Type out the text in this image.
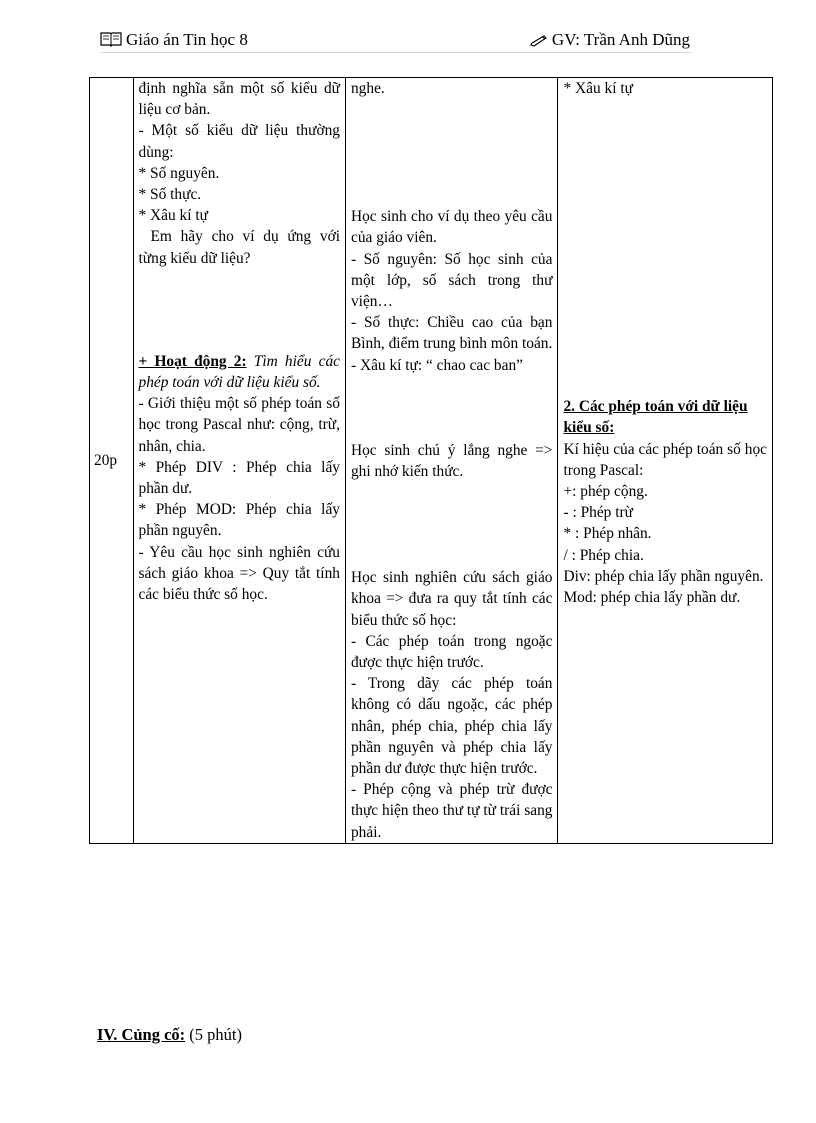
Giáo án Tin học 8	GV: Trần Anh Dũng
20p	
định nghĩa sẵn một số kiểu dữ liệu cơ bản.
- Một số kiểu dữ liệu thường dùng:
* Số nguyên.
* Số thực.
* Xâu kí tự
Em hãy cho ví dụ ứng với từng kiểu dữ liệu?
+ Hoạt động 2: Tìm hiểu các phép toán với dữ liệu kiểu số.
- Giới thiệu một số phép toán số học trong Pascal như: cộng, trừ, nhân, chia.
* Phép DIV : Phép chia lấy phần dư.
* Phép MOD: Phép chia lấy phần nguyên.
- Yêu cầu học sinh nghiên cứu sách giáo khoa => Quy tắt tính các biểu thức số học.

nghe.
Học sinh cho ví dụ theo yêu cầu của giáo viên.
- Số nguyên: Số học sinh của một lớp, số sách trong thư viện…
- Số thực: Chiều cao của bạn Bình, điểm trung bình môn toán.
- Xâu kí tự: “ chao cac ban”
Học sinh chú ý lắng nghe => ghi nhớ kiến thức.
Học sinh nghiên cứu sách giáo khoa => đưa ra quy tắt tính các biểu thức số học:
- Các phép toán trong ngoặc được thực hiện trước.
- Trong dãy các phép toán không có dấu ngoặc, các phép nhân, phép chia, phép chia lấy phần nguyên và phép chia lấy phần dư được thực hiện trước.
- Phép cộng và phép trừ được thực hiện theo thư tự từ trái sang phải.

* Xâu kí tự
2. Các phép toán với dữ liệu kiểu số:
Kí hiệu của các phép toán số học trong Pascal:
+: phép cộng.
- : Phép trừ
* : Phép nhân.
/ : Phép chia.
Div: phép chia lấy phần nguyên.
Mod: phép chia lấy phần dư.
IV. Củng cố: (5 phút)
